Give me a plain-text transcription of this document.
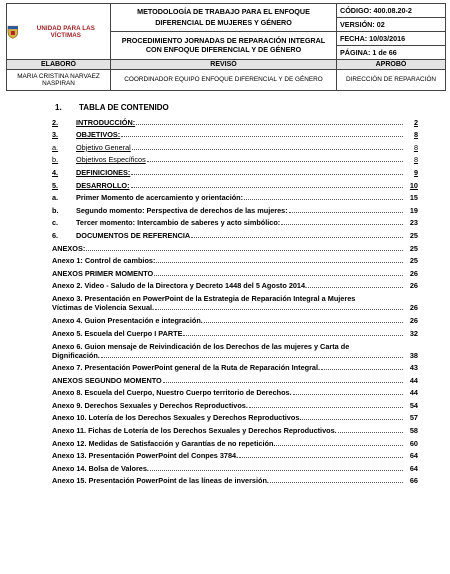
UNIDAD PARA LAS VÍCTIMAS	METODOLOGÍA DE TRABAJO PARA EL ENFOQUE DIFERENCIAL DE MUJERES Y GÉNERO	CÓDIGO: 400.08.20-2
		VERSIÓN: 02
	PROCEDIMIENTO JORNADAS DE REPARACIÓN INTEGRAL CON ENFOQUE DIFERENCIAL Y DE GÉNERO	FECHA: 10/03/2016
		PÁGINA: 1 de 66
ELABORÓ	REVISÓ	APROBÓ
MARIA CRISTINA NARVAEZ NASPIRAN	COORDINADOR EQUIPO ENFOQUE DIFERENCIAL Y DE GÉNERO	DIRECCIÓN DE REPARACIÓN
1. TABLA DE CONTENIDO
2.	INTRODUCCIÓN:	2
3.	OBJETIVOS:	8
a.	Objetivo General	8
b.	Objetivos Específicos	8
4.	DEFINICIONES:	9
5.	DESARROLLO:	10
a.	Primer Momento de acercamiento y orientación:	15
b.	Segundo momento: Perspectiva de derechos de las mujeres:	19
c.	Tercer momento: Intercambio de saberes y acto simbólico:	23
6.	DOCUMENTOS DE REFERENCIA	25
ANEXOS:	25
Anexo 1: Control de cambios:	25
ANEXOS PRIMER MOMENTO	26
Anexo 2. Video - Saludo de la Directora y Decreto 1448 del 5 Agosto 2014.	26
Anexo 3. Presentación en PowerPoint de la Estrategia de Reparación Integral a Mujeres
Víctimas de Violencia Sexual.	26
Anexo 4. Guion Presentación e integración.	26
Anexo 5. Escuela del Cuerpo I PARTE	32
Anexo 6. Guion mensaje de Reivindicación de los Derechos de las mujeres y Carta de
Dignificación.	38
Anexo 7. Presentación PowerPoint general de la Ruta de Reparación Integral.	43
ANEXOS SEGUNDO MOMENTO	44
Anexo 8. Escuela del Cuerpo, Nuestro Cuerpo territorio de Derechos.	44
Anexo 9. Derechos Sexuales y Derechos Reproductivos.	54
Anexo 10. Lotería de los Derechos Sexuales y Derechos Reproductivos.	57
Anexo 11. Fichas de Lotería de los Derechos Sexuales y Derechos Reproductivos.	58
Anexo 12. Medidas de Satisfacción y Garantías de no repetición.	60
Anexo 13. Presentación PowerPoint del Conpes 3784.	64
Anexo 14. Bolsa de Valores.	64
Anexo 15. Presentación PowerPoint de las líneas de inversión.	66
